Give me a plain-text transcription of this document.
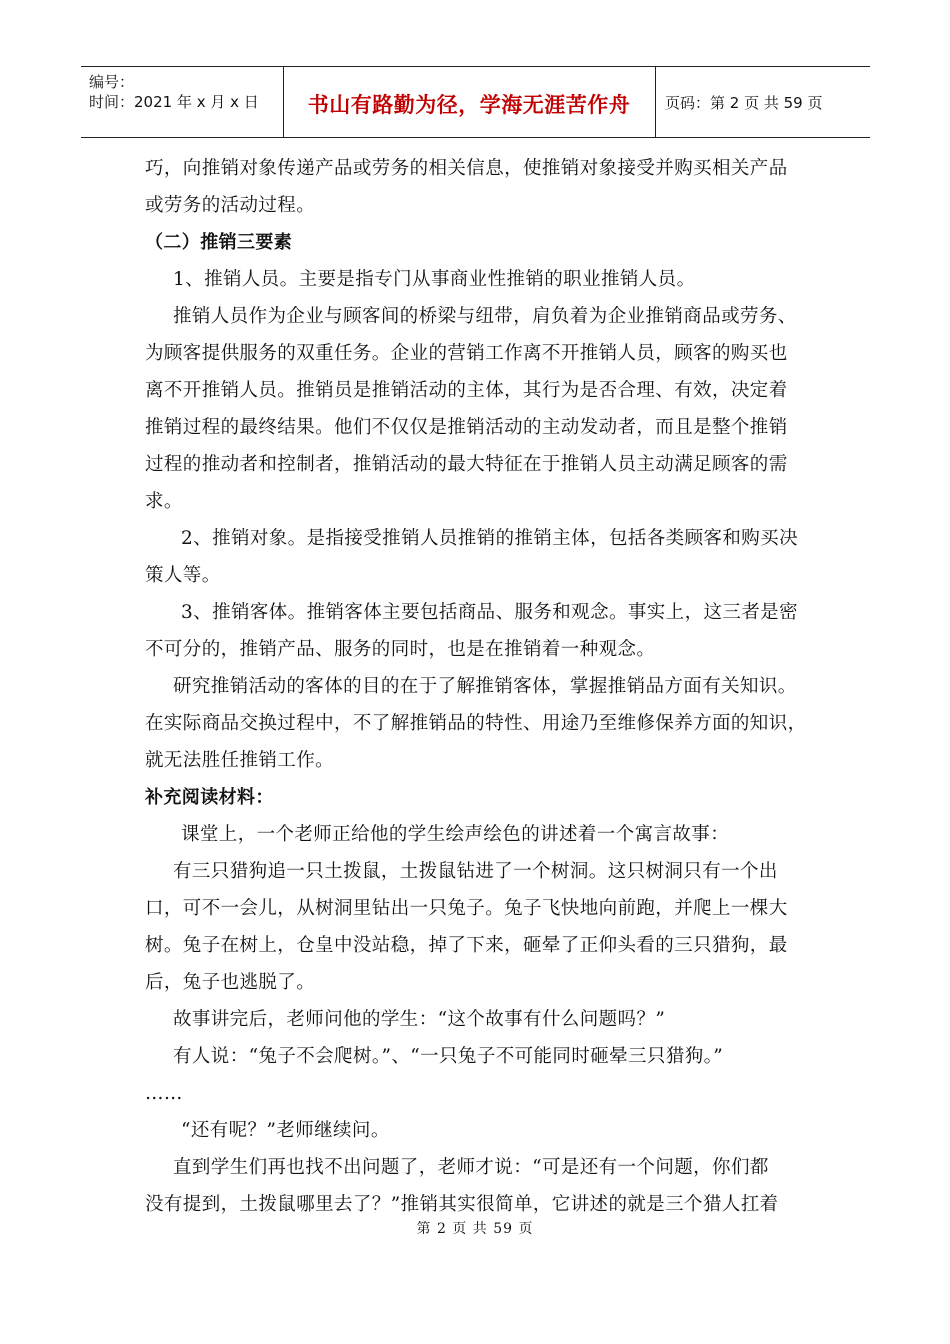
编号：
时间：2021 年 x 月 x 日	书山有路勤为径，学海无涯苦作舟	页码：第 2 页 共 59 页
巧，向推销对象传递产品或劳务的相关信息，使推销对象接受并购买相关产品
或劳务的活动过程。
（二）推销三要素
1、推销人员。主要是指专门从事商业性推销的职业推销人员。
推销人员作为企业与顾客间的桥梁与纽带，肩负着为企业推销商品或劳务、
为顾客提供服务的双重任务。企业的营销工作离不开推销人员，顾客的购买也
离不开推销人员。推销员是推销活动的主体，其行为是否合理、有效，决定着
推销过程的最终结果。他们不仅仅是推销活动的主动发动者，而且是整个推销
过程的推动者和控制者，推销活动的最大特征在于推销人员主动满足顾客的需
求。
2、推销对象。是指接受推销人员推销的推销主体，包括各类顾客和购买决
策人等。
3、推销客体。推销客体主要包括商品、服务和观念。事实上，这三者是密
不可分的，推销产品、服务的同时，也是在推销着一种观念。
研究推销活动的客体的目的在于了解推销客体，掌握推销品方面有关知识。
在实际商品交换过程中，不了解推销品的特性、用途乃至维修保养方面的知识，
就无法胜任推销工作。
补充阅读材料：
课堂上，一个老师正给他的学生绘声绘色的讲述着一个寓言故事：
有三只猎狗追一只土拨鼠，土拨鼠钻进了一个树洞。这只树洞只有一个出
口，可不一会儿，从树洞里钻出一只兔子。兔子飞快地向前跑，并爬上一棵大
树。兔子在树上，仓皇中没站稳，掉了下来，砸晕了正仰头看的三只猎狗，最
后，兔子也逃脱了。
故事讲完后，老师问他的学生：“这个故事有什么问题吗？”
有人说：“兔子不会爬树。”、“一只兔子不可能同时砸晕三只猎狗。”
……
“还有呢？”老师继续问。
直到学生们再也找不出问题了，老师才说：“可是还有一个问题，你们都
没有提到，土拨鼠哪里去了？”推销其实很简单，它讲述的就是三个猎人扛着
第 2 页 共 59 页
